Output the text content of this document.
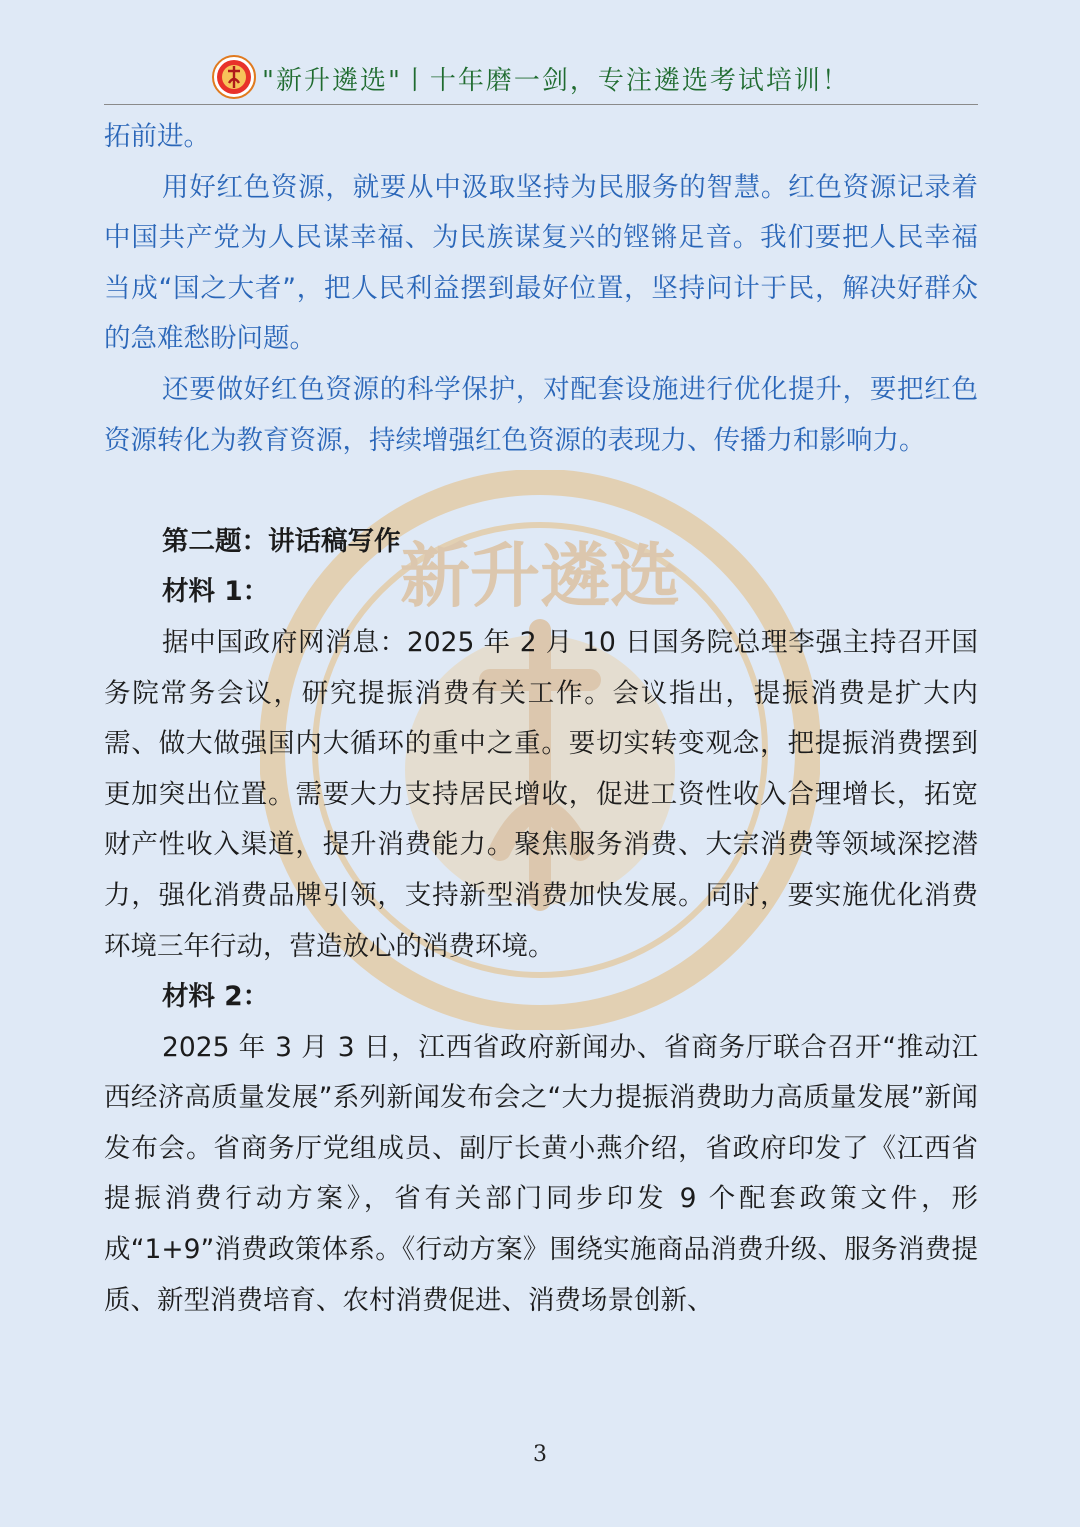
"新升遴选"丨十年磨一剑，专注遴选考试培训！
新升遴选

拓前进。

用好红色资源，就要从中汲取坚持为民服务的智慧。红色资源记录着中国共产党为人民谋幸福、为民族谋复兴的铿锵足音。我们要把人民幸福当成“国之大者”，把人民利益摆到最好位置，坚持问计于民，解决好群众的急难愁盼问题。

还要做好红色资源的科学保护，对配套设施进行优化提升，要把红色资源转化为教育资源，持续增强红色资源的表现力、传播力和影响力。

第二题：讲话稿写作

材料 1：

据中国政府网消息：2025 年 2 月 10 日国务院总理李强主持召开国务院常务会议，研究提振消费有关工作。会议指出，提振消费是扩大内需、做大做强国内大循环的重中之重。要切实转变观念，把提振消费摆到更加突出位置。需要大力支持居民增收，促进工资性收入合理增长，拓宽财产性收入渠道，提升消费能力。聚焦服务消费、大宗消费等领域深挖潜力，强化消费品牌引领，支持新型消费加快发展。同时，要实施优化消费环境三年行动，营造放心的消费环境。

材料 2：

2025 年 3 月 3 日，江西省政府新闻办、省商务厅联合召开“推动江西经济高质量发展”系列新闻发布会之“大力提振消费助力高质量发展”新闻发布会。省商务厅党组成员、副厅长黄小燕介绍，省政府印发了《江西省提振消费行动方案》，省有关部门同步印发 9 个配套政策文件，形成“1+9”消费政策体系。《行动方案》围绕实施商品消费升级、服务消费提质、新型消费培育、农村消费促进、消费场景创新、

3
